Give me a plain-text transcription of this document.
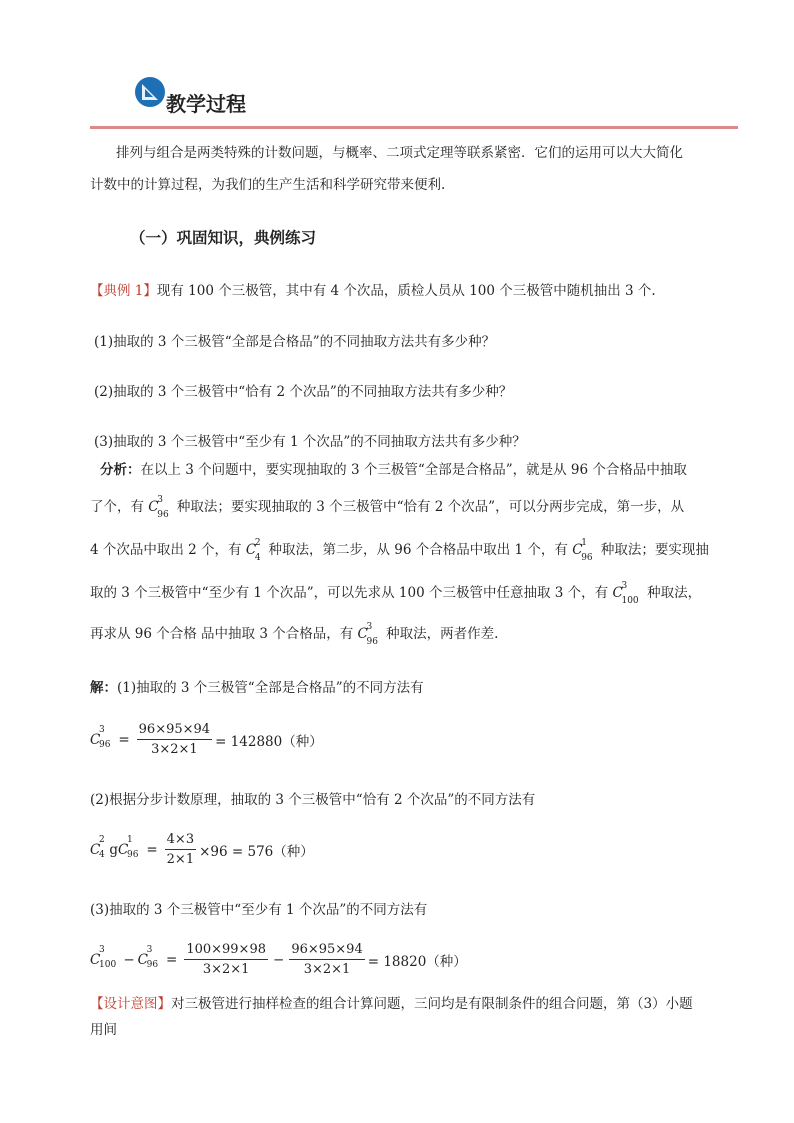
教学过程
排列与组合是两类特殊的计数问题，与概率、二项式定理等联系紧密．它们的运用可以大大简化
计数中的计算过程，为我们的生产生活和科学研究带来便利.
（一）巩固知识，典例练习
【典例 1】现有 100 个三极管，其中有 4 个次品，质检人员从 100 个三极管中随机抽出 3 个.
(1)抽取的 3 个三极管“全部是合格品”的不同抽取方法共有多少种？
(2)抽取的 3 个三极管中“恰有 2 个次品”的不同抽取方法共有多少种？
(3)抽取的 3 个三极管中“至少有 1 个次品”的不同抽取方法共有多少种？
分析：在以上 3 个问题中，要实现抽取的 3 个三极管“全部是合格品”，就是从 96 个合格品中抽取
了个，有 C
3
96 种取法；要实现抽取的 3 个三极管中“恰有 2 个次品”，可以分两步完成，第一步，从
4 个次品中取出 2 个，有 C
2
4 种取法，第二步，从 96 个合格品中取出 1 个，有 C
1
96 种取法；要实现抽
取的 3 个三极管中“至少有 1 个次品”，可以先求从 100 个三极管中任意抽取 3 个，有 C
3
100 种取法，
再求从 96 个合格 品中抽取 3 个合格品，有 C
3
96 种取法，两者作差.
解：(1)抽取的 3 个三极管“全部是合格品”的不同方法有
C
3
$96 = \frac{96\times 95\times 94}{3\times 2\times 1} = 142880$（种）
(2)根据分步计数原理，抽取的 3 个三极管中“恰有 2 个次品”的不同方法有
C
2
4 g C
1
$96 = \frac{4\times 3}{2\times 1} \times 96 = 576$（种）
(3)抽取的 3 个三极管中“至少有 1 个次品”的不同方法有
C
3
100 − C
3
$96 = \frac{100\times 99\times 98}{3\times 2\times 1} - \frac{96\times 95\times 94}{3\times 2\times 1} = 18820$（种）
【设计意图】对三极管进行抽样检查的组合计算问题，三问均是有限制条件的组合问题，第（3）小题
用间
